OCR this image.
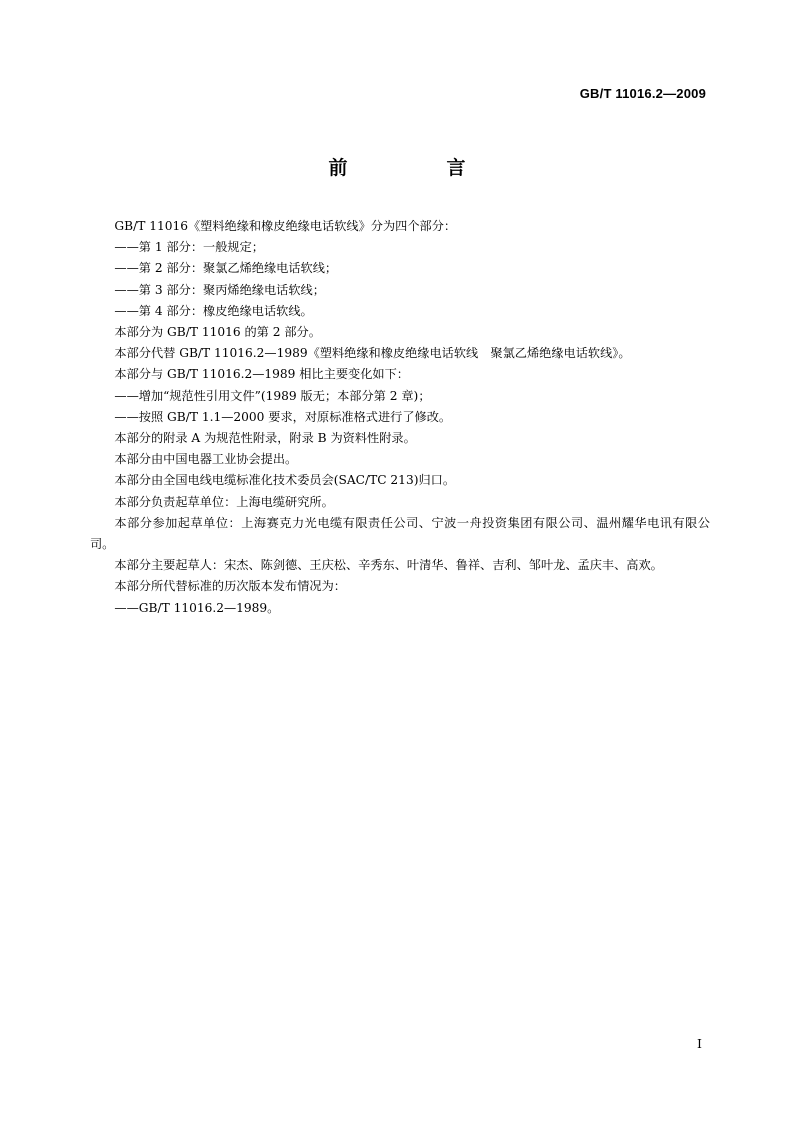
GB/T 11016.2—2009
前　言

GB/T 11016《塑料绝缘和橡皮绝缘电话软线》分为四个部分：

——第 1 部分：一般规定；

——第 2 部分：聚氯乙烯绝缘电话软线；

——第 3 部分：聚丙烯绝缘电话软线；

——第 4 部分：橡皮绝缘电话软线。

本部分为 GB/T 11016 的第 2 部分。

本部分代替 GB/T 11016.2—1989《塑料绝缘和橡皮绝缘电话软线　聚氯乙烯绝缘电话软线》。

本部分与 GB/T 11016.2—1989 相比主要变化如下：

——增加“规范性引用文件”(1989 版无；本部分第 2 章)；

——按照 GB/T 1.1—2000 要求，对原标准格式进行了修改。

本部分的附录 A 为规范性附录，附录 B 为资料性附录。

本部分由中国电器工业协会提出。

本部分由全国电线电缆标准化技术委员会(SAC/TC 213)归口。

本部分负责起草单位：上海电缆研究所。

本部分参加起草单位：上海赛克力光电缆有限责任公司、宁波一舟投资集团有限公司、温州耀华电讯有限公司。

本部分主要起草人：宋杰、陈剑德、王庆松、辛秀东、叶清华、鲁祥、吉利、邹叶龙、孟庆丰、高欢。

本部分所代替标准的历次版本发布情况为：

——GB/T 11016.2—1989。

I
